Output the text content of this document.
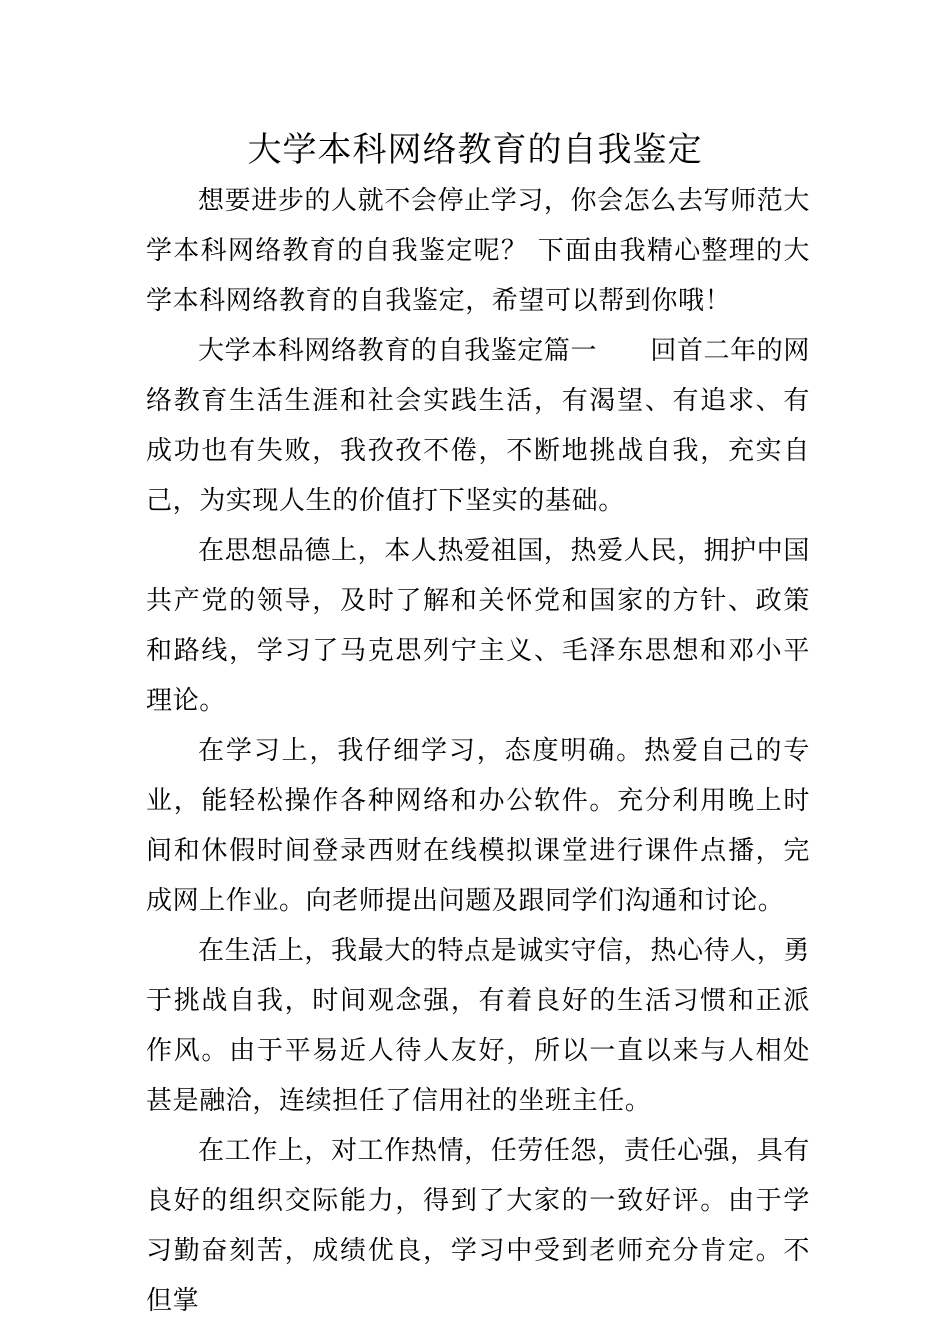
大学本科网络教育的自我鉴定

想要进步的人就不会停止学习，你会怎么去写师范大学本科网络教育的自我鉴定呢？ 下面由我精心整理的大学本科网络教育的自我鉴定，希望可以帮到你哦！

大学本科网络教育的自我鉴定篇一　　回首二年的网络教育生活生涯和社会实践生活，有渴望、有追求、有成功也有失败，我孜孜不倦，不断地挑战自我，充实自己，为实现人生的价值打下坚实的基础。

在思想品德上，本人热爱祖国，热爱人民，拥护中国共产党的领导，及时了解和关怀党和国家的方针、政策和路线，学习了马克思列宁主义、毛泽东思想和邓小平理论。

在学习上，我仔细学习，态度明确。热爱自己的专业，能轻松操作各种网络和办公软件。充分利用晚上时间和休假时间登录西财在线模拟课堂进行课件点播，完成网上作业。向老师提出问题及跟同学们沟通和讨论。

在生活上，我最大的特点是诚实守信，热心待人，勇于挑战自我，时间观念强，有着良好的生活习惯和正派作风。由于平易近人待人友好，所以一直以来与人相处甚是融洽，连续担任了信用社的坐班主任。

在工作上，对工作热情，任劳任怨，责任心强，具有良好的组织交际能力，得到了大家的一致好评。由于学习勤奋刻苦，成绩优良，学习中受到老师充分肯定。不但掌
